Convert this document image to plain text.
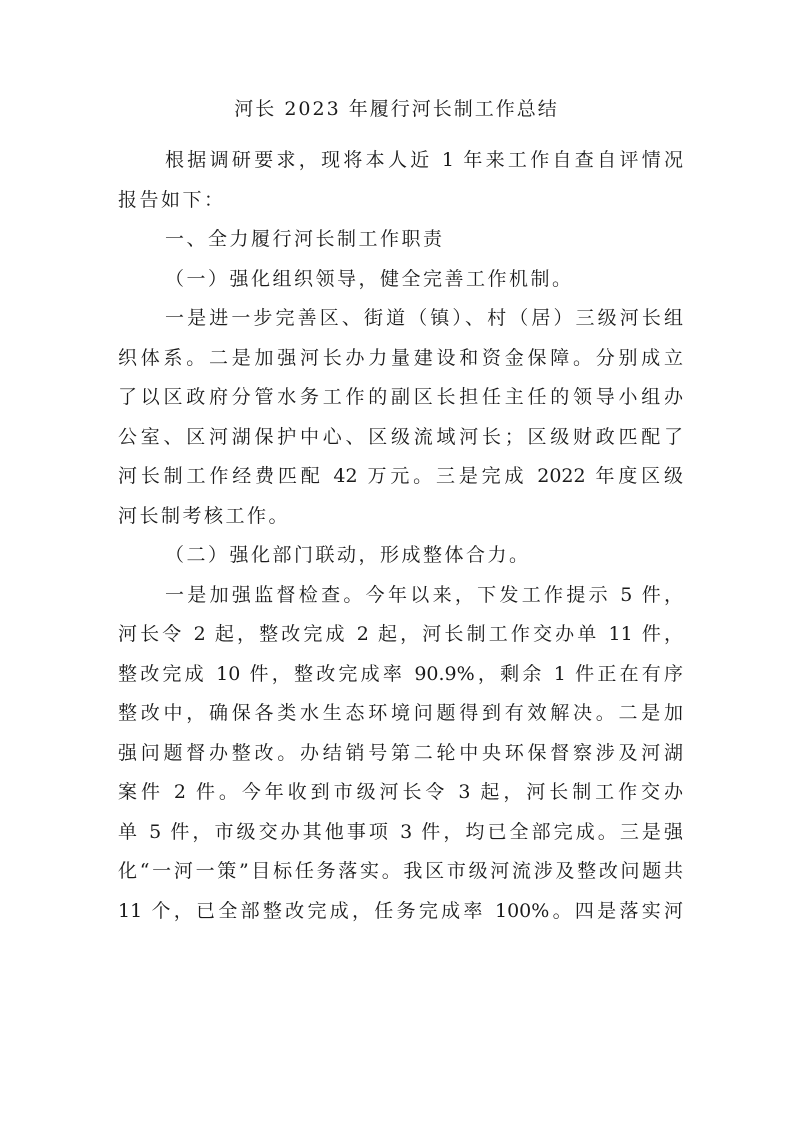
河长 2023 年履行河长制工作总结
根据调研要求，现将本人近 1 年来工作自查自评情况
报告如下：
一、全力履行河长制工作职责
（一）强化组织领导，健全完善工作机制。
一是进一步完善区、街道（镇）、村（居）三级河长组
织体系。二是加强河长办力量建设和资金保障。分别成立
了以区政府分管水务工作的副区长担任主任的领导小组办
公室、区河湖保护中心、区级流域河长；区级财政匹配了
河长制工作经费匹配 42 万元。三是完成 2022 年度区级
河长制考核工作。
（二）强化部门联动，形成整体合力。
一是加强监督检查。今年以来，下发工作提示 5 件，
河长令 2 起，整改完成 2 起，河长制工作交办单 11 件，
整改完成 10 件，整改完成率 90.9%，剩余 1 件正在有序
整改中，确保各类水生态环境问题得到有效解决。二是加
强问题督办整改。办结销号第二轮中央环保督察涉及河湖
案件 2 件。今年收到市级河长令 3 起，河长制工作交办
单 5 件，市级交办其他事项 3 件，均已全部完成。三是强
化“一河一策”目标任务落实。我区市级河流涉及整改问题共
11 个，已全部整改完成，任务完成率 100%。四是落实河
